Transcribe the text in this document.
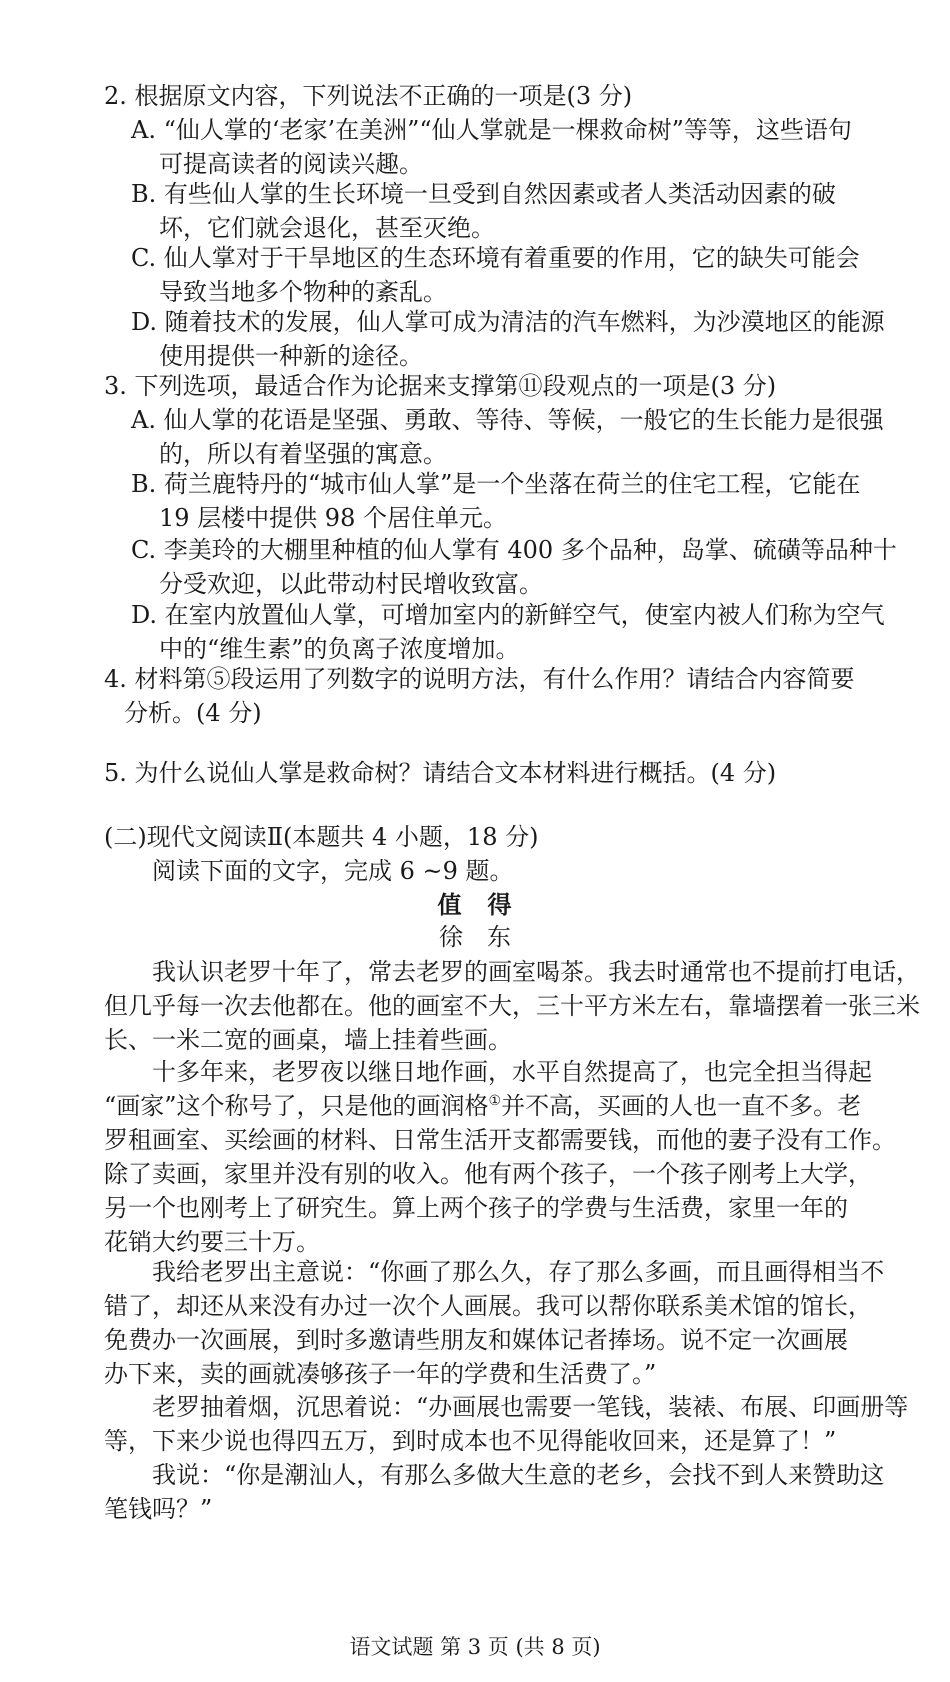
2. 根据原文内容，下列说法不正确的一项是(3 分)
A. “仙人掌的‘老家’在美洲”“仙人掌就是一棵救命树”等等，这些语句
可提高读者的阅读兴趣。
B. 有些仙人掌的生长环境一旦受到自然因素或者人类活动因素的破
坏，它们就会退化，甚至灭绝。
C. 仙人掌对于干旱地区的生态环境有着重要的作用，它的缺失可能会
导致当地多个物种的紊乱。
D. 随着技术的发展，仙人掌可成为清洁的汽车燃料，为沙漠地区的能源
使用提供一种新的途径。
3. 下列选项，最适合作为论据来支撑第⑪段观点的一项是(3 分)
A. 仙人掌的花语是坚强、勇敢、等待、等候，一般它的生长能力是很强
的，所以有着坚强的寓意。
B. 荷兰鹿特丹的“城市仙人掌”是一个坐落在荷兰的住宅工程，它能在
19 层楼中提供 98 个居住单元。
C. 李美玲的大棚里种植的仙人掌有 400 多个品种，岛掌、硫磺等品种十
分受欢迎，以此带动村民增收致富。
D. 在室内放置仙人掌，可增加室内的新鲜空气，使室内被人们称为空气
中的“维生素”的负离子浓度增加。
4. 材料第⑤段运用了列数字的说明方法，有什么作用？请结合内容简要
分析。(4 分)
5. 为什么说仙人掌是救命树？请结合文本材料进行概括。(4 分)
(二)现代文阅读Ⅱ(本题共 4 小题，18 分)
阅读下面的文字，完成 6 ~9 题。
值　得
徐　东
我认识老罗十年了，常去老罗的画室喝茶。我去时通常也不提前打电话，
但几乎每一次去他都在。他的画室不大，三十平方米左右，靠墙摆着一张三米
长、一米二宽的画桌，墙上挂着些画。
十多年来，老罗夜以继日地作画，水平自然提高了，也完全担当得起
“画家”这个称号了，只是他的画润格①并不高，买画的人也一直不多。老
罗租画室、买绘画的材料、日常生活开支都需要钱，而他的妻子没有工作。
除了卖画，家里并没有别的收入。他有两个孩子，一个孩子刚考上大学，
另一个也刚考上了研究生。算上两个孩子的学费与生活费，家里一年的
花销大约要三十万。
我给老罗出主意说：“你画了那么久，存了那么多画，而且画得相当不
错了，却还从来没有办过一次个人画展。我可以帮你联系美术馆的馆长，
免费办一次画展，到时多邀请些朋友和媒体记者捧场。说不定一次画展
办下来，卖的画就凑够孩子一年的学费和生活费了。”
老罗抽着烟，沉思着说：“办画展也需要一笔钱，装裱、布展、印画册等
等，下来少说也得四五万，到时成本也不见得能收回来，还是算了！”
我说：“你是潮汕人，有那么多做大生意的老乡，会找不到人来赞助这
笔钱吗？”
语文试题 第 3 页 (共 8 页)
